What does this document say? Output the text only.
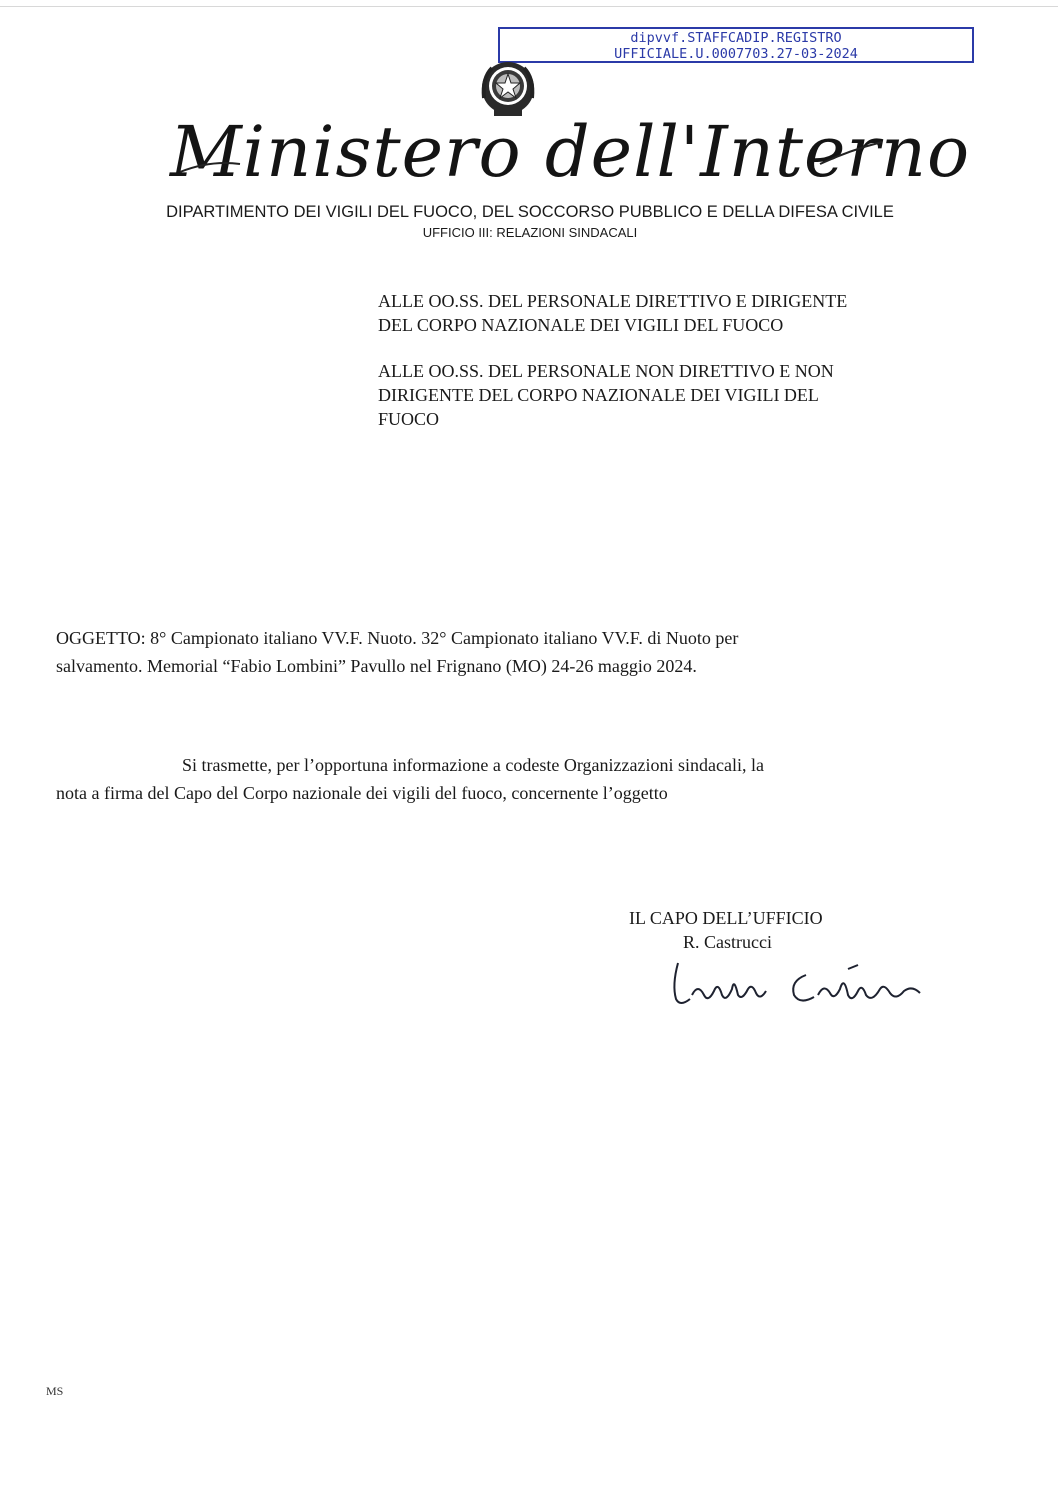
dipvvf.STAFFCADIP.REGISTRO
UFFICIALE.U.0007703.27-03-2024
Ministero dell'Interno
DIPARTIMENTO DEI VIGILI DEL FUOCO, DEL SOCCORSO PUBBLICO E DELLA DIFESA CIVILE
UFFICIO III: RELAZIONI SINDACALI
ALLE OO.SS. DEL PERSONALE DIRETTIVO E DIRIGENTE
DEL CORPO NAZIONALE DEI VIGILI DEL FUOCO
ALLE OO.SS. DEL PERSONALE NON DIRETTIVO E NON
DIRIGENTE DEL CORPO NAZIONALE DEI VIGILI DEL
FUOCO
OGGETTO: 8° Campionato italiano VV.F. Nuoto. 32° Campionato italiano VV.F. di Nuoto per
salvamento. Memorial “Fabio Lombini” Pavullo nel Frignano (MO) 24-26 maggio 2024.
Si trasmette, per l’opportuna informazione a codeste Organizzazioni sindacali, la
nota a firma del Capo del Corpo nazionale dei vigili del fuoco, concernente l’oggetto
IL CAPO DELL’UFFICIO
R. Castrucci
MS
